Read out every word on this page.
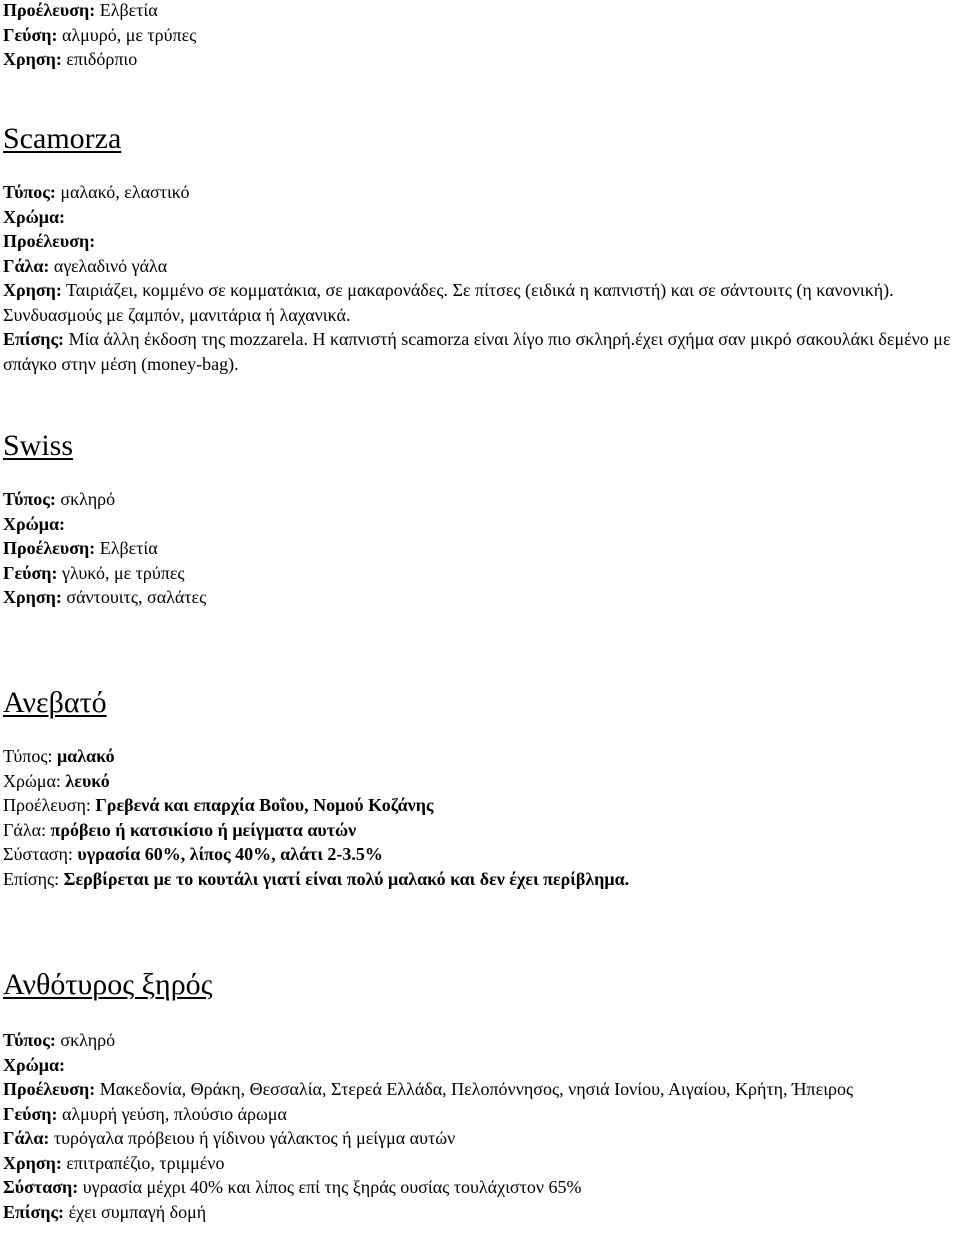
Προέλευση: Ελβετία
Γεύση: αλμυρό, με τρύπες
Χρηση: επιδόρπιο
Scamorza
Τύπος: μαλακό, ελαστικό
Χρώμα:
Προέλευση:
Γάλα: αγελαδινό γάλα
Χρηση: Ταιριάζει, κομμένο σε κομματάκια, σε μακαρονάδες. Σε πίτσες (ειδικά η καπνιστή) και σε σάντουιτς (η κανονική). Συνδυασμούς με ζαμπόν, μανιτάρια ή λαχανικά.
Επίσης: Μία άλλη έκδοση της mozzarela. Η καπνιστή scamorza είναι λίγο πιο σκληρή.έχει σχήμα σαν μικρό σακουλάκι δεμένο με σπάγκο στην μέση (money-bag).
Swiss
Τύπος: σκληρό
Χρώμα:
Προέλευση: Ελβετία
Γεύση: γλυκό, με τρύπες
Χρηση: σάντουιτς, σαλάτες
Ανεβατό
Τύπος: μαλακό
Χρώμα: λευκό
Προέλευση: Γρεβενά και επαρχία Βοΐου, Νομού Κοζάνης
Γάλα: πρόβειο ή κατσικίσιο ή μείγματα αυτών
Σύσταση: υγρασία 60%, λίπος 40%, αλάτι 2-3.5%
Επίσης: Σερβίρεται με το κουτάλι γιατί είναι πολύ μαλακό και δεν έχει περίβλημα.
Ανθότυρος ξηρός
Τύπος: σκληρό
Χρώμα:
Προέλευση: Μακεδονία, Θράκη, Θεσσαλία, Στερεά Ελλάδα, Πελοπόννησος, νησιά Ιονίου, Αιγαίου, Κρήτη, Ήπειρος
Γεύση: αλμυρή γεύση, πλούσιο άρωμα
Γάλα: τυρόγαλα πρόβειου ή γίδινου γάλακτος ή μείγμα αυτών
Χρηση: επιτραπέζιο, τριμμένο
Σύσταση: υγρασία μέχρι 40% και λίπος επί της ξηράς ουσίας τουλάχιστον 65%
Επίσης: έχει συμπαγή δομή
